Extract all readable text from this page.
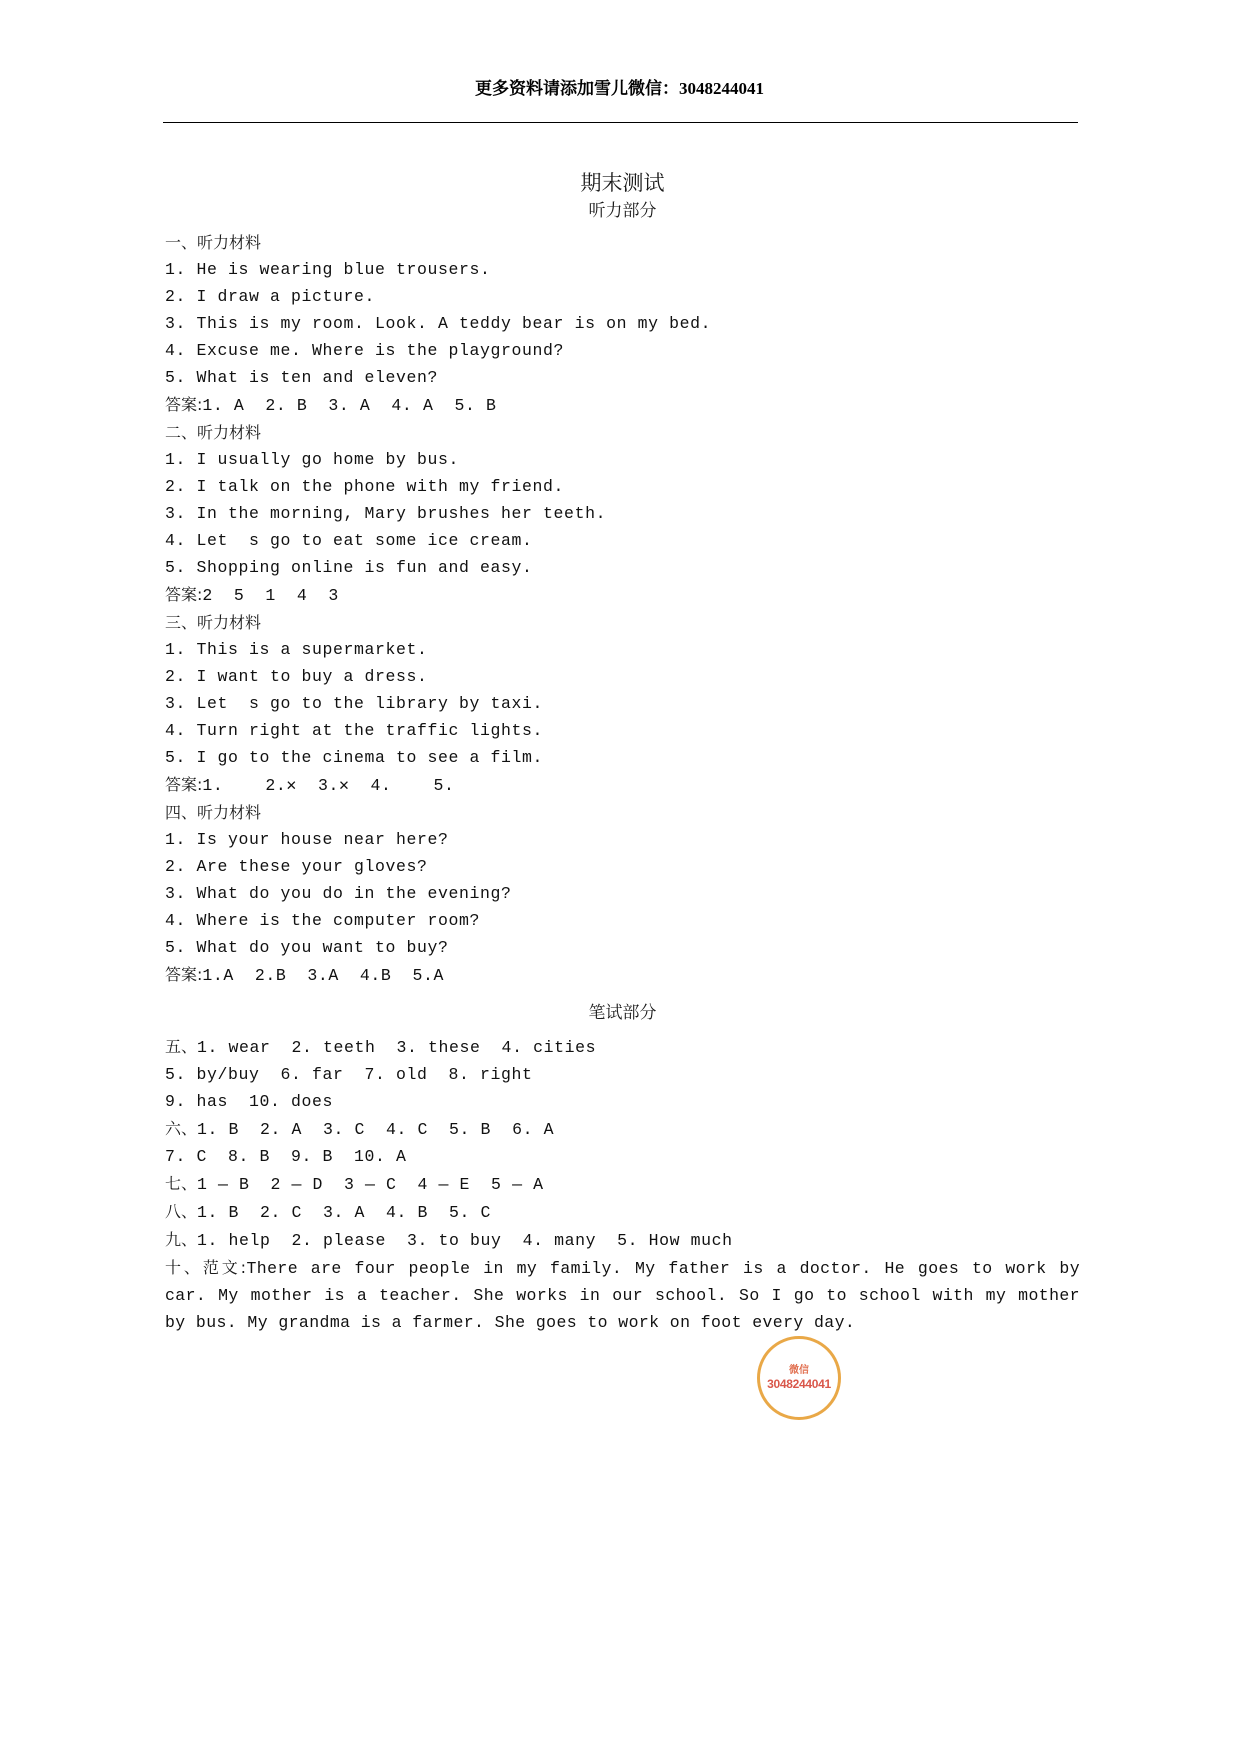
更多资料请添加雪儿微信：3048244041
期末测试
听力部分
一、听力材料
1. He is wearing blue trousers.
2. I draw a picture.
3. This is my room. Look. A teddy bear is on my bed.
4. Excuse me. Where is the playground?
5. What is ten and eleven?
答案:1. A  2. B  3. A  4. A  5. B
二、听力材料
1. I usually go home by bus.
2. I talk on the phone with my friend.
3. In the morning, Mary brushes her teeth.
4. Let  s go to eat some ice cream.
5. Shopping online is fun and easy.
答案:2  5  1  4  3
三、听力材料
1. This is a supermarket.
2. I want to buy a dress.
3. Let  s go to the library by taxi.
4. Turn right at the traffic lights.
5. I go to the cinema to see a film.
答案:1.    2.✕  3.✕  4.    5.
四、听力材料
1. Is your house near here?
2. Are these your gloves?
3. What do you do in the evening?
4. Where is the computer room?
5. What do you want to buy?
答案:1.A  2.B  3.A  4.B  5.A
笔试部分
五、1. wear  2. teeth  3. these  4. cities
5. by/buy  6. far  7. old  8. right
9. has  10. does
六、1. B  2. A  3. C  4. C  5. B  6. A
7. C  8. B  9. B  10. A
七、1 — B  2 — D  3 — C  4 — E  5 — A
八、1. B  2. C  3. A  4. B  5. C
九、1. help  2. please  3. to buy  4. many  5. How much
十、范文:There are four people in my family. My father is a doctor. He goes to work by car. My mother is a teacher. She works in our school. So I go to school with my mother by bus. My grandma is a farmer. She goes to work on foot every day.
微信
3048244041
